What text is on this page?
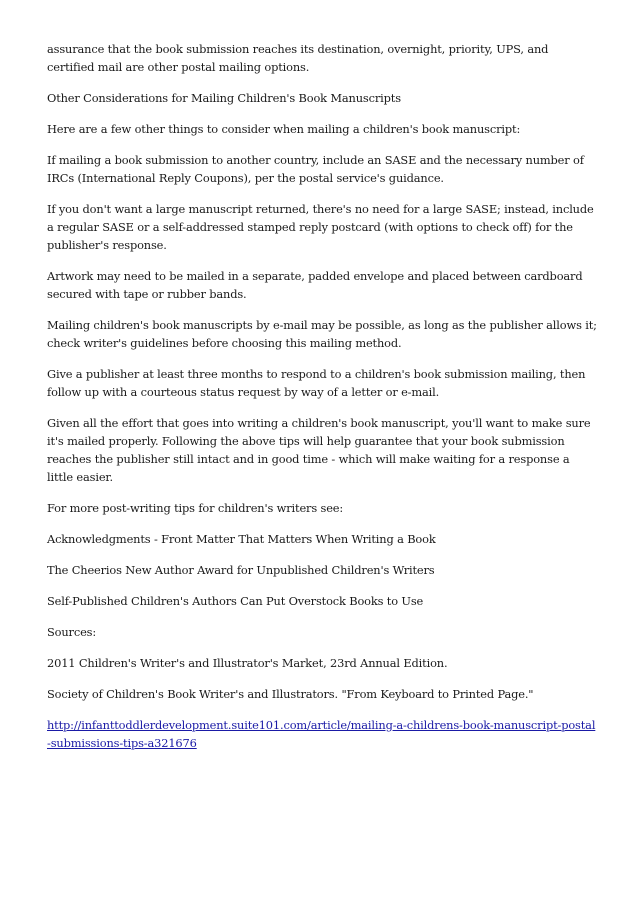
assurance that the book submission reaches its destination, overnight, priority, UPS, and certified mail are other postal mailing options.

Other Considerations for Mailing Children's Book Manuscripts

Here are a few other things to consider when mailing a children's book manuscript:

If mailing a book submission to another country, include an SASE and the necessary number of IRCs (International Reply Coupons), per the postal service's guidance.

If you don't want a large manuscript returned, there's no need for a large SASE; instead, include a regular SASE or a self-addressed stamped reply postcard (with options to check off) for the publisher's response.

Artwork may need to be mailed in a separate, padded envelope and placed between cardboard secured with tape or rubber bands.

Mailing children's book manuscripts by e-mail may be possible, as long as the publisher allows it; check writer's guidelines before choosing this mailing method.

Give a publisher at least three months to respond to a children's book submission mailing, then follow up with a courteous status request by way of a letter or e-mail.

Given all the effort that goes into writing a children's book manuscript, you'll want to make sure it's mailed properly. Following the above tips will help guarantee that your book submission reaches the publisher still intact and in good time - which will make waiting for a response a little easier.

For more post-writing tips for children's writers see:

Acknowledgments - Front Matter That Matters When Writing a Book

The Cheerios New Author Award for Unpublished Children's Writers

Self-Published Children's Authors Can Put Overstock Books to Use

Sources:

2011 Children's Writer's and Illustrator's Market, 23rd Annual Edition.

Society of Children's Book Writer's and Illustrators. "From Keyboard to Printed Page."

http://infanttoddlerdevelopment.suite101.com/article/mailing-a-childrens-book-manuscript-postal-submissions-tips-a321676
